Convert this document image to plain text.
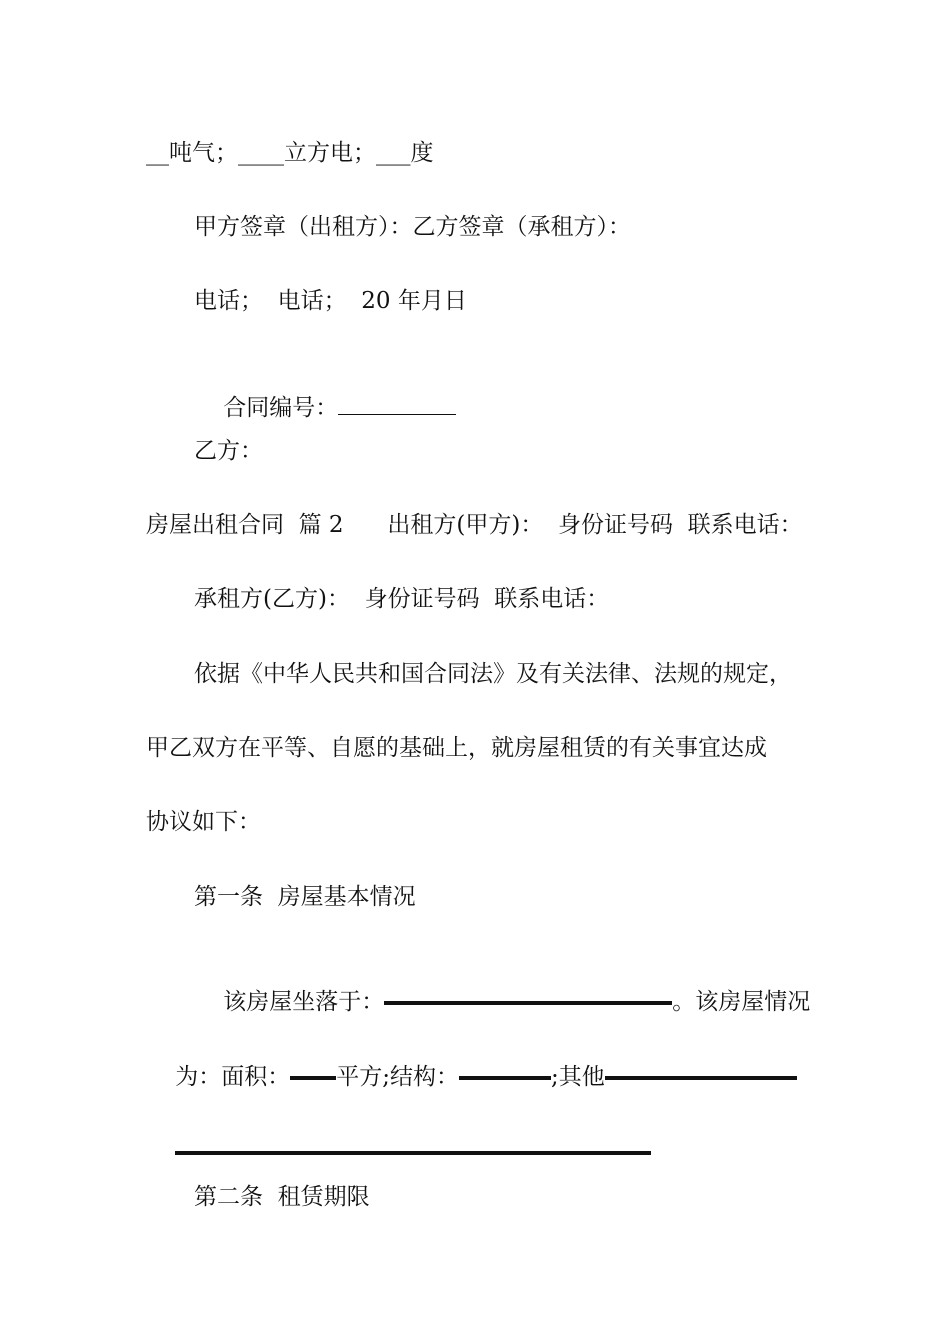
__吨气；____立方电；___度
甲方签章（出租方）：乙方签章（承租方）：
电话；  电话；  20 年月日

合同编号：

乙方：
房屋出租合同  篇 2      出租方(甲方)：  身份证号码  联系电话：
承租方(乙方)：  身份证号码  联系电话：
依据《中华人民共和国合同法》及有关法律、法规的规定，
甲乙双方在平等、自愿的基础上，就房屋租赁的有关事宜达成
协议如下：
第一条  房屋基本情况

该房屋坐落于：	。该房屋情况

为：面积： 平方;结构：	;其他

第二条  租赁期限
